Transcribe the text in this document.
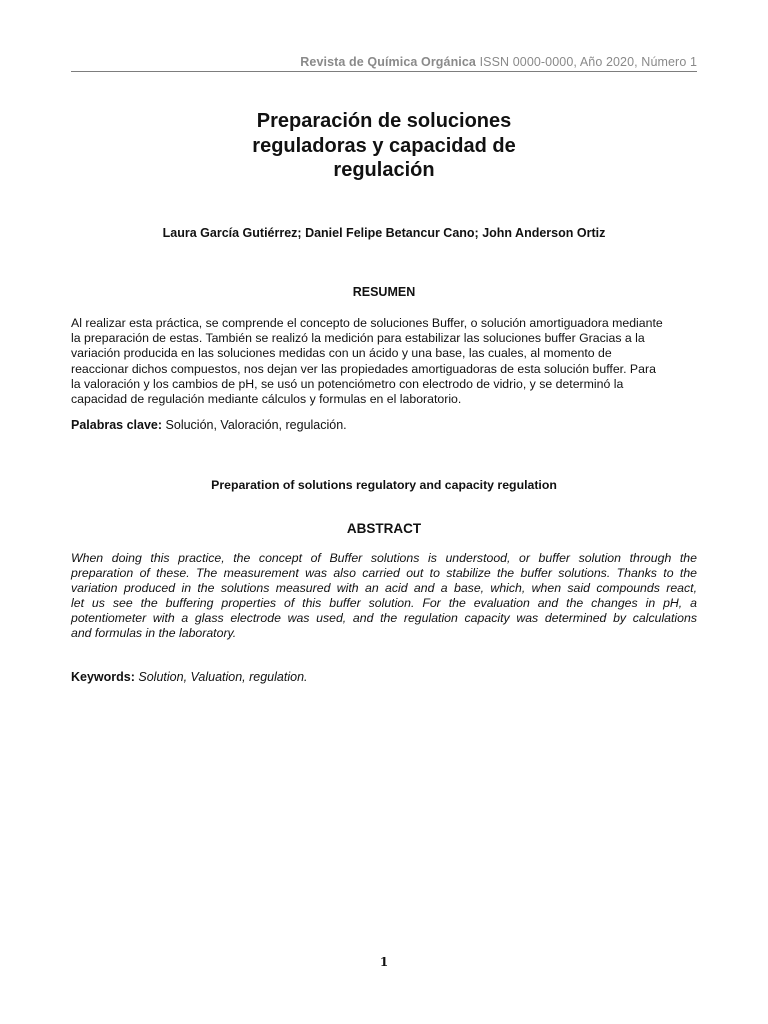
Revista de Química Orgánica ISSN 0000-0000, Año 2020, Número 1
Preparación de soluciones
reguladoras y capacidad de
regulación
Laura García Gutiérrez; Daniel Felipe Betancur Cano; John Anderson Ortiz
RESUMEN
Al realizar esta práctica, se comprende el concepto de soluciones Buffer, o solución amortiguadora mediante
la preparación de estas. También se realizó la medición para estabilizar las soluciones buffer Gracias a la
variación producida en las soluciones medidas con un ácido y una base, las cuales, al momento de
reaccionar dichos compuestos, nos dejan ver las propiedades amortiguadoras de esta solución buffer. Para
la valoración y los cambios de pH, se usó un potenciómetro con electrodo de vidrio, y se determinó la
capacidad de regulación mediante cálculos y formulas en el laboratorio.
Palabras clave: Solución, Valoración, regulación.
Preparation of solutions regulatory and capacity regulation
ABSTRACT
When doing this practice, the concept of Buffer solutions is understood, or buffer solution through the
preparation of these. The measurement was also carried out to stabilize the buffer solutions. Thanks to the
variation produced in the solutions measured with an acid and a base, which, when said compounds react,
let us see the buffering properties of this buffer solution. For the evaluation and the changes in pH, a
potentiometer with a glass electrode was used, and the regulation capacity was determined by calculations
and formulas in the laboratory.
Keywords: Solution, Valuation, regulation.
1
